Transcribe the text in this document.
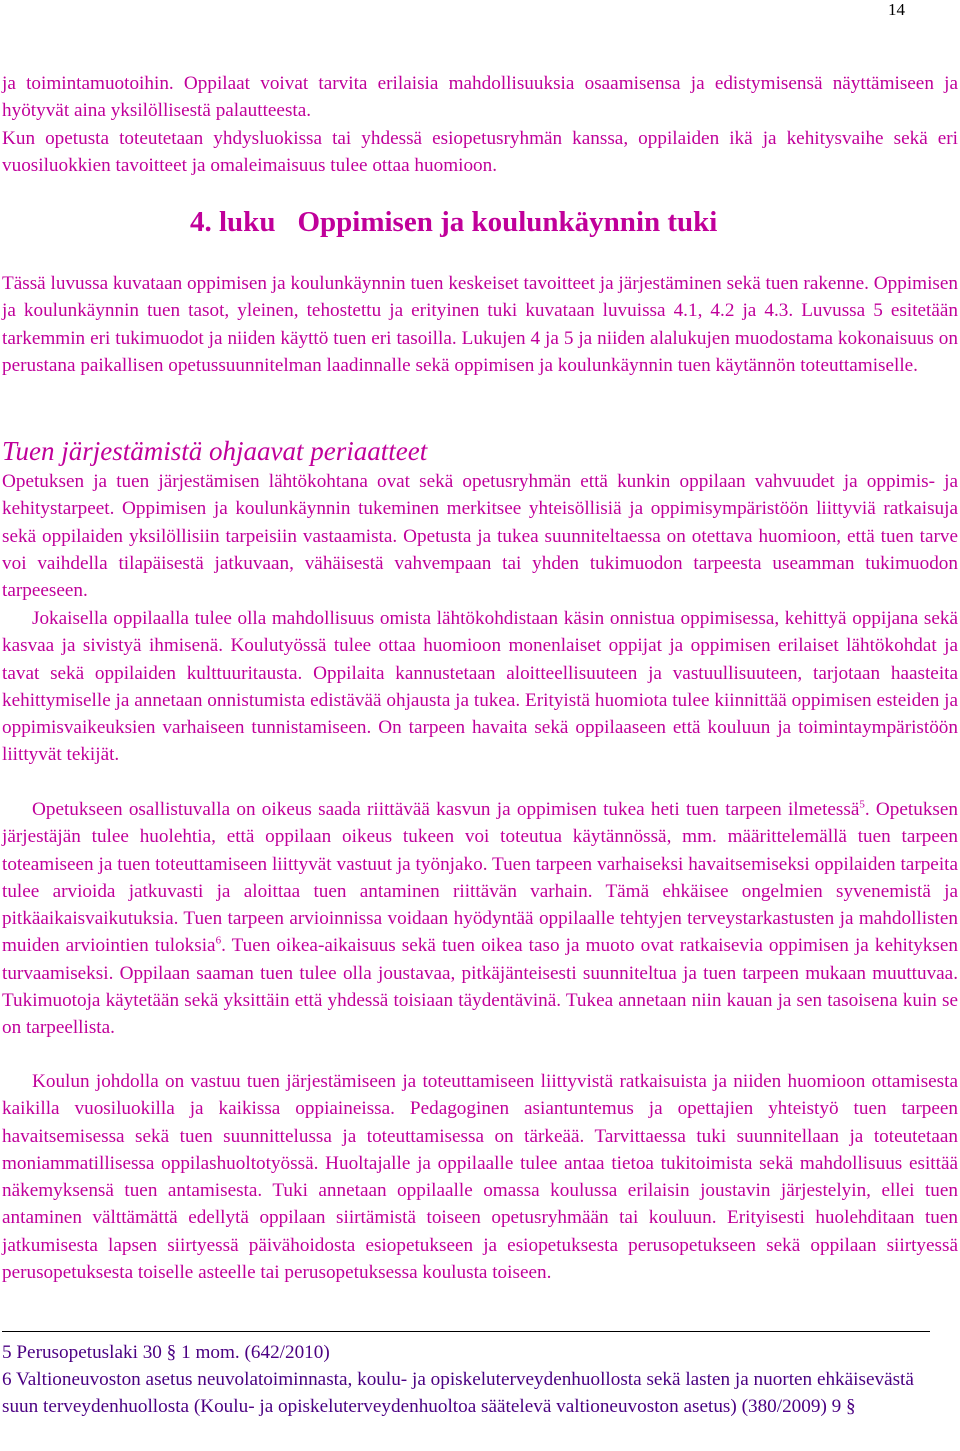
14

ja toimintamuotoihin. Oppilaat voivat tarvita erilaisia mahdollisuuksia osaamisensa ja edistymisensä näyttämiseen ja hyötyvät aina yksilöllisestä palautteesta.

Kun opetusta toteutetaan yhdysluokissa tai yhdessä esiopetusryhmän kanssa, oppilaiden ikä ja kehitysvaihe sekä eri vuosiluokkien tavoitteet ja omaleimaisuus tulee ottaa huomioon.

4. luku Oppimisen ja koulunkäynnin tuki

Tässä luvussa kuvataan oppimisen ja koulunkäynnin tuen keskeiset tavoitteet ja järjestäminen sekä tuen rakenne. Oppimisen ja koulunkäynnin tuen tasot, yleinen, tehostettu ja erityinen tuki kuvataan luvuissa 4.1, 4.2 ja 4.3. Luvussa 5 esitetään tarkemmin eri tukimuodot ja niiden käyttö tuen eri tasoilla. Lukujen 4 ja 5 ja niiden alalukujen muodostama kokonaisuus on perustana paikallisen opetussuunnitelman laadinnalle sekä oppimisen ja koulunkäynnin tuen käytännön toteuttamiselle.

Tuen järjestämistä ohjaavat periaatteet

Opetuksen ja tuen järjestämisen lähtökohtana ovat sekä opetusryhmän että kunkin oppilaan vahvuudet ja oppimis- ja kehitystarpeet. Oppimisen ja koulunkäynnin tukeminen merkitsee yhteisöllisiä ja oppimisympäristöön liittyviä ratkaisuja sekä oppilaiden yksilöllisiin tarpeisiin vastaamista. Opetusta ja tukea suunniteltaessa on otettava huomioon, että tuen tarve voi vaihdella tilapäisestä jatkuvaan, vähäisestä vahvempaan tai yhden tukimuodon tarpeesta useamman tukimuodon tarpeeseen.

Jokaisella oppilaalla tulee olla mahdollisuus omista lähtökohdistaan käsin onnistua oppimisessa, kehittyä oppijana sekä kasvaa ja sivistyä ihmisenä. Koulutyössä tulee ottaa huomioon monenlaiset oppijat ja oppimisen erilaiset lähtökohdat ja tavat sekä oppilaiden kulttuuritausta. Oppilaita kannustetaan aloitteellisuuteen ja vastuullisuuteen, tarjotaan haasteita kehittymiselle ja annetaan onnistumista edistävää ohjausta ja tukea. Erityistä huomiota tulee kiinnittää oppimisen esteiden ja oppimisvaikeuksien varhaiseen tunnistamiseen. On tarpeen havaita sekä oppilaaseen että kouluun ja toimintaympäristöön liittyvät tekijät.

Opetukseen osallistuvalla on oikeus saada riittävää kasvun ja oppimisen tukea heti tuen tarpeen ilmetessä$^5$. Opetuksen järjestäjän tulee huolehtia, että oppilaan oikeus tukeen voi toteutua käytännössä, mm. määrittelemällä tuen tarpeen toteamiseen ja tuen toteuttamiseen liittyvät vastuut ja työnjako. Tuen tarpeen varhaiseksi havaitsemiseksi oppilaiden tarpeita tulee arvioida jatkuvasti ja aloittaa tuen antaminen riittävän varhain. Tämä ehkäisee ongelmien syvenemistä ja pitkäaikaisvaikutuksia. Tuen tarpeen arvioinnissa voidaan hyödyntää oppilaalle tehtyjen terveystarkastusten ja mahdollisten muiden arviointien tuloksia$^6$. Tuen oikea-aikaisuus sekä tuen oikea taso ja muoto ovat ratkaisevia oppimisen ja kehityksen turvaamiseksi. Oppilaan saaman tuen tulee olla joustavaa, pitkäjänteisesti suunniteltua ja tuen tarpeen mukaan muuttuvaa. Tukimuotoja käytetään sekä yksittäin että yhdessä toisiaan täydentävinä. Tukea annetaan niin kauan ja sen tasoisena kuin se on tarpeellista.

Koulun johdolla on vastuu tuen järjestämiseen ja toteuttamiseen liittyvistä ratkaisuista ja niiden huomioon ottamisesta kaikilla vuosiluokilla ja kaikissa oppiaineissa. Pedagoginen asiantuntemus ja opettajien yhteistyö tuen tarpeen havaitsemisessa sekä tuen suunnittelussa ja toteuttamisessa on tärkeää. Tarvittaessa tuki suunnitellaan ja toteutetaan moniammatillisessa oppilashuoltotyössä. Huoltajalle ja oppilaalle tulee antaa tietoa tukitoimista sekä mahdollisuus esittää näkemyksensä tuen antamisesta. Tuki annetaan oppilaalle omassa koulussa erilaisin joustavin järjestelyin, ellei tuen antaminen välttämättä edellytä oppilaan siirtämistä toiseen opetusryhmään tai kouluun. Erityisesti huolehditaan tuen jatkumisesta lapsen siirtyessä päivähoidosta esiopetukseen ja esiopetuksesta perusopetukseen sekä oppilaan siirtyessä perusopetuksesta toiselle asteelle tai perusopetuksessa koulusta toiseen.

5 Perusopetuslaki 30 § 1 mom. (642/2010)

6 Valtioneuvoston asetus neuvolatoiminnasta, koulu- ja opiskeluterveydenhuollosta sekä lasten ja nuorten ehkäisevästä suun terveydenhuollosta (Koulu- ja opiskeluterveydenhuoltoa säätelevä valtioneuvoston asetus) (380/2009) 9 §
